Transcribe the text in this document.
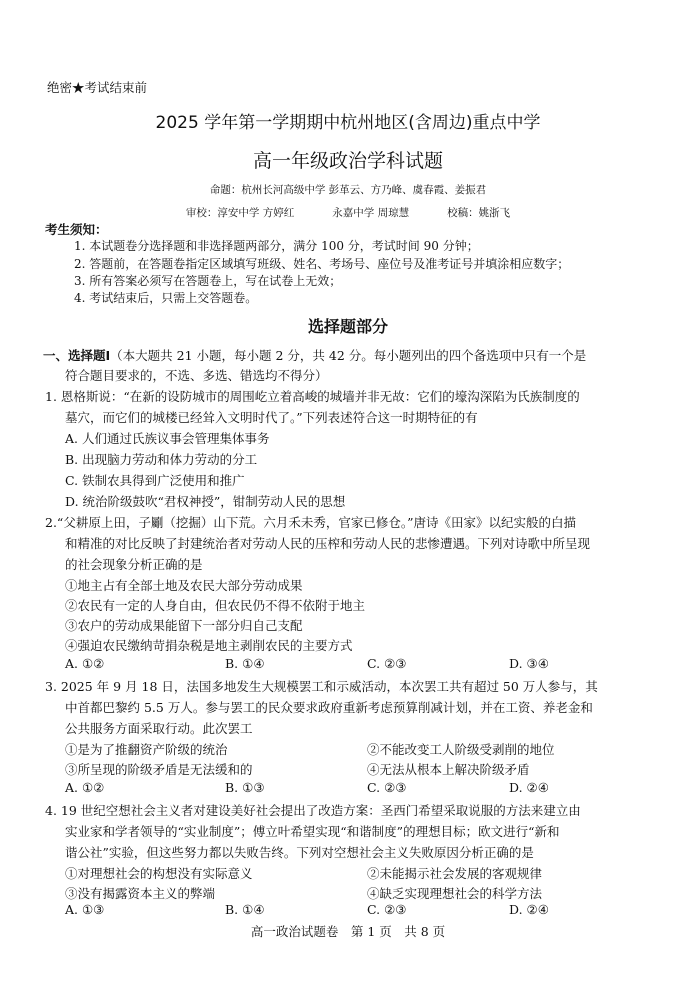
绝密★考试结束前
2025 学年第一学期期中杭州地区(含周边)重点中学
高一年级政治学科试题
命题：杭州长河高级中学 彭革云、方乃峰、虞春霞、姜振君
审校：淳安中学 方婷红	永嘉中学 周琼慧	校稿：姚浙飞
考生须知：
1. 本试题卷分选择题和非选择题两部分，满分 100 分，考试时间 90 分钟；
2. 答题前，在答题卷指定区域填写班级、姓名、考场号、座位号及准考证号并填涂相应数字；
3. 所有答案必须写在答题卷上，写在试卷上无效；
4. 考试结束后，只需上交答题卷。
选择题部分
一、选择题Ⅰ（本大题共 21 小题，每小题 2 分，共 42 分。每小题列出的四个备选项中只有一个是
符合题目要求的，不选、多选、错选均不得分）
1. 恩格斯说：“在新的设防城市的周围屹立着高峻的城墙并非无故：它们的壕沟深陷为氏族制度的
墓穴，而它们的城楼已经耸入文明时代了。”下列表述符合这一时期特征的有
A. 人们通过氏族议事会管理集体事务
B. 出现脑力劳动和体力劳动的分工
C. 铁制农具得到广泛使用和推广
D. 统治阶级鼓吹“君权神授”，钳制劳动人民的思想
2.“父耕原上田，子劚（挖掘）山下荒。六月禾未秀，官家已修仓。”唐诗《田家》以纪实般的白描
和精准的对比反映了封建统治者对劳动人民的压榨和劳动人民的悲惨遭遇。下列对诗歌中所呈现
的社会现象分析正确的是
①地主占有全部土地及农民大部分劳动成果
②农民有一定的人身自由，但农民仍不得不依附于地主
③农户的劳动成果能留下一部分归自己支配
④强迫农民缴纳苛捐杂税是地主剥削农民的主要方式
A. ①②	B. ①④	C. ②③	D. ③④
3. 2025 年 9 月 18 日，法国多地发生大规模罢工和示威活动，本次罢工共有超过 50 万人参与，其
中首都巴黎约 5.5 万人。参与罢工的民众要求政府重新考虑预算削减计划，并在工资、养老金和
公共服务方面采取行动。此次罢工
①是为了推翻资产阶级的统治	②不能改变工人阶级受剥削的地位
③所呈现的阶级矛盾是无法缓和的	④无法从根本上解决阶级矛盾
A. ①②	B. ①③	C. ②③	D. ②④
4. 19 世纪空想社会主义者对建设美好社会提出了改造方案：圣西门希望采取说服的方法来建立由
实业家和学者领导的“实业制度”；傅立叶希望实现“和谐制度”的理想目标；欧文进行“新和
谐公社”实验，但这些努力都以失败告终。下列对空想社会主义失败原因分析正确的是
①对理想社会的构想没有实际意义	②未能揭示社会发展的客观规律
③没有揭露资本主义的弊端	④缺乏实现理想社会的科学方法
A. ①③	B. ①④	C. ②③	D. ②④
高一政治试题卷　第 1 页　共 8 页
